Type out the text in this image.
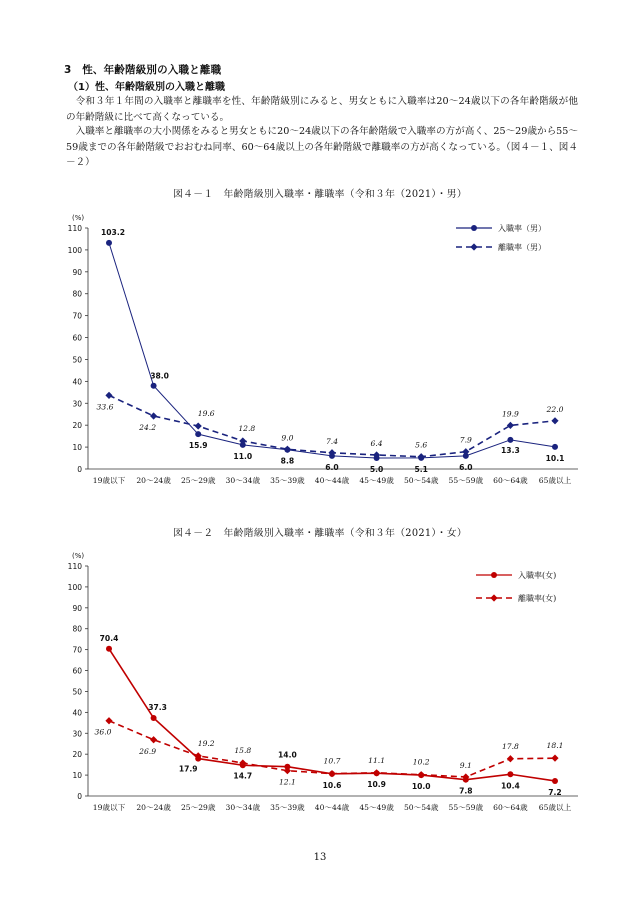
3　性、年齢階級別の入職と離職
（1）性、年齢階級別の入職と離職

令和３年１年間の入職率と離職率を性、年齢階級別にみると、男女ともに入職率は20～24歳以下の各年齢階級が他の年齢階級に比べて高くなっている。

入職率と離職率の大小関係をみると男女ともに20～24歳以下の各年齢階級で入職率の方が高く、25～29歳から55～59歳までの各年齢階級でおおむね同率、60～64歳以上の各年齢階級で離職率の方が高くなっている。（図４－１、図４－２）

図４－１　年齢階級別入職率・離職率（令和３年（2021）・男）

0
10
20
30
40
50
60
70
80
90
100
110
(%)
19歳以下 20～24歳 25～29歳 30～34歳 35～39歳 40～44歳 45～49歳 50～54歳 55～59歳 60～64歳 65歳以上
103.2
38.0
15.9
11.0
8.8
6.0	5.0	5.1	6.0
13.3
10.1
33.6
24.2
19.6
12.8
9.0	7.4	6.4	5.6
7.9
19.9
22.0
入職率（男）
離職率（男）

図４－２　年齢階級別入職率・離職率（令和３年（2021）・女）

0
10
20
30
40
50
60
70
80
90
100
110
(%)
19歳以下 20～24歳 25～29歳 30～34歳 35～39歳 40～44歳 45～49歳 50～54歳 55～59歳 60～64歳 65歳以上
70.4
37.3
17.9
14.7
14.0
10.6	10.9	10.0
7.8
10.4
7.2
36.0
26.9
19.2
15.8
12.1
10.7	11.1	10.2	9.1
17.8	18.1
入職率(女)
離職率(女)

13
